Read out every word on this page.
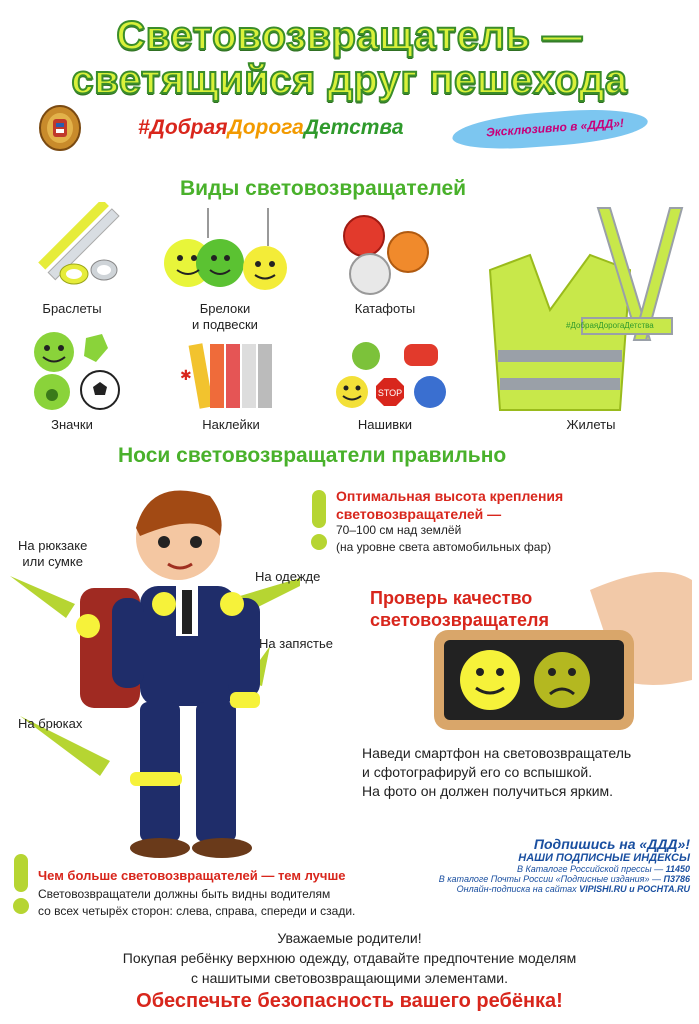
Световозвращатель —
светящийся друг пешехода
#ДобраяДорогаДетства	Эксклюзивно в «ДДД»!
Виды световозвращателей
Браслеты	Брелоки
и подвески
Катафоты
Значки
✱
Наклейки
STOP
Нашивки
#ДобраяДорогаДетства
Жилеты
Носи световозвращатели правильно
Оптимальная высота крепления
световозвращателей —
70–100 см над землёй
(на уровне света автомобильных фар)
На рюкзаке
или сумке
На одежде
На запястье
На брюках
Проверь качество
световозвращателя
Наведи смартфон на световозвращатель
и сфотографируй его со вспышкой.
На фото он должен получиться ярким.
Чем больше световозвращателей — тем лучше
Световозвращатели должны быть видны водителям
со всех четырёх сторон: слева, справа, спереди и сзади.
Подпишись на «ДДД»!
НАШИ ПОДПИСНЫЕ ИНДЕКСЫ
В Каталоге Российской прессы — 11450
В каталоге Почты России «Подписные издания» — П3786
Онлайн-подписка на сайтах VIPISHI.RU и POCHTA.RU
Уважаемые родители!
Покупая ребёнку верхнюю одежду, отдавайте предпочтение моделям
с нашитыми световозвращающими элементами.
Обеспечьте безопасность вашего ребёнка!
